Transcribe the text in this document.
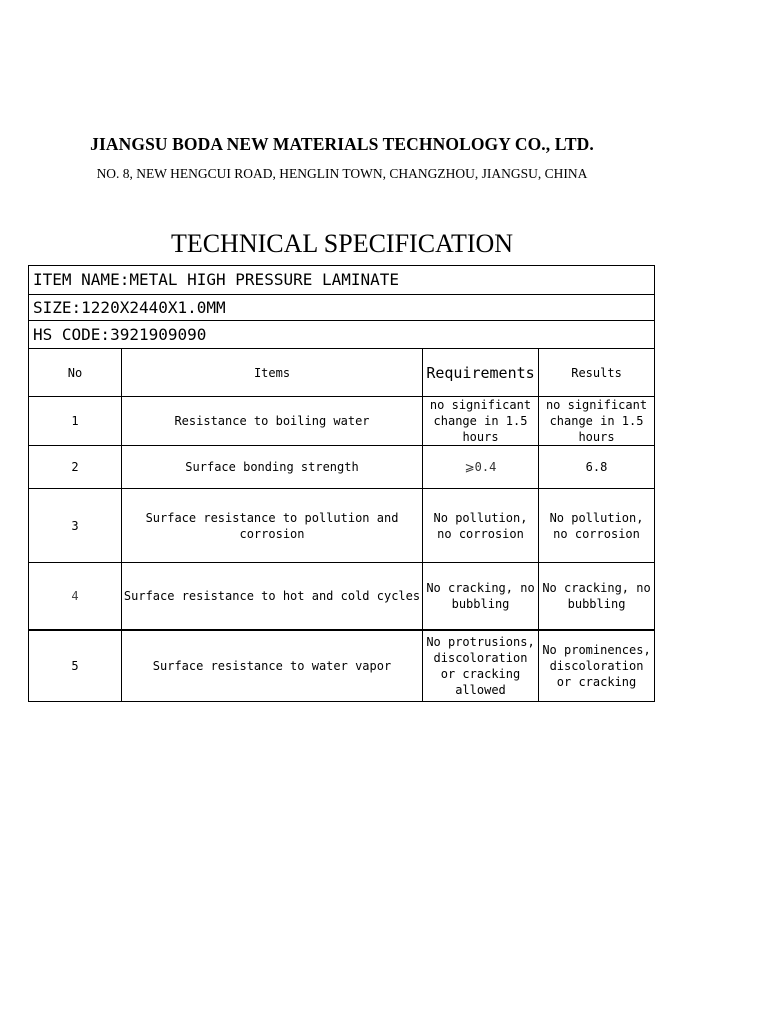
JIANGSU BODA NEW MATERIALS TECHNOLOGY CO., LTD.
NO. 8, NEW HENGCUI ROAD, HENGLIN TOWN, CHANGZHOU, JIANGSU, CHINA
TECHNICAL SPECIFICATION
ITEM NAME:METAL HIGH PRESSURE LAMINATE			
SIZE:1220X2440X1.0MM			
HS CODE:3921909090			
No	Items	Requirements	Results
1	Resistance to boiling water	no significant change in 1.5 hours	no significant change in 1.5 hours
2	Surface bonding strength	⩾0.4	6.8
3	Surface resistance to pollution and corrosion	No pollution, no corrosion	No pollution, no corrosion
4	Surface resistance to hot and cold cycles	No cracking, no bubbling	No cracking, no bubbling
5	Surface resistance to water vapor	No protrusions, discoloration or cracking allowed	No prominences, discoloration or cracking
